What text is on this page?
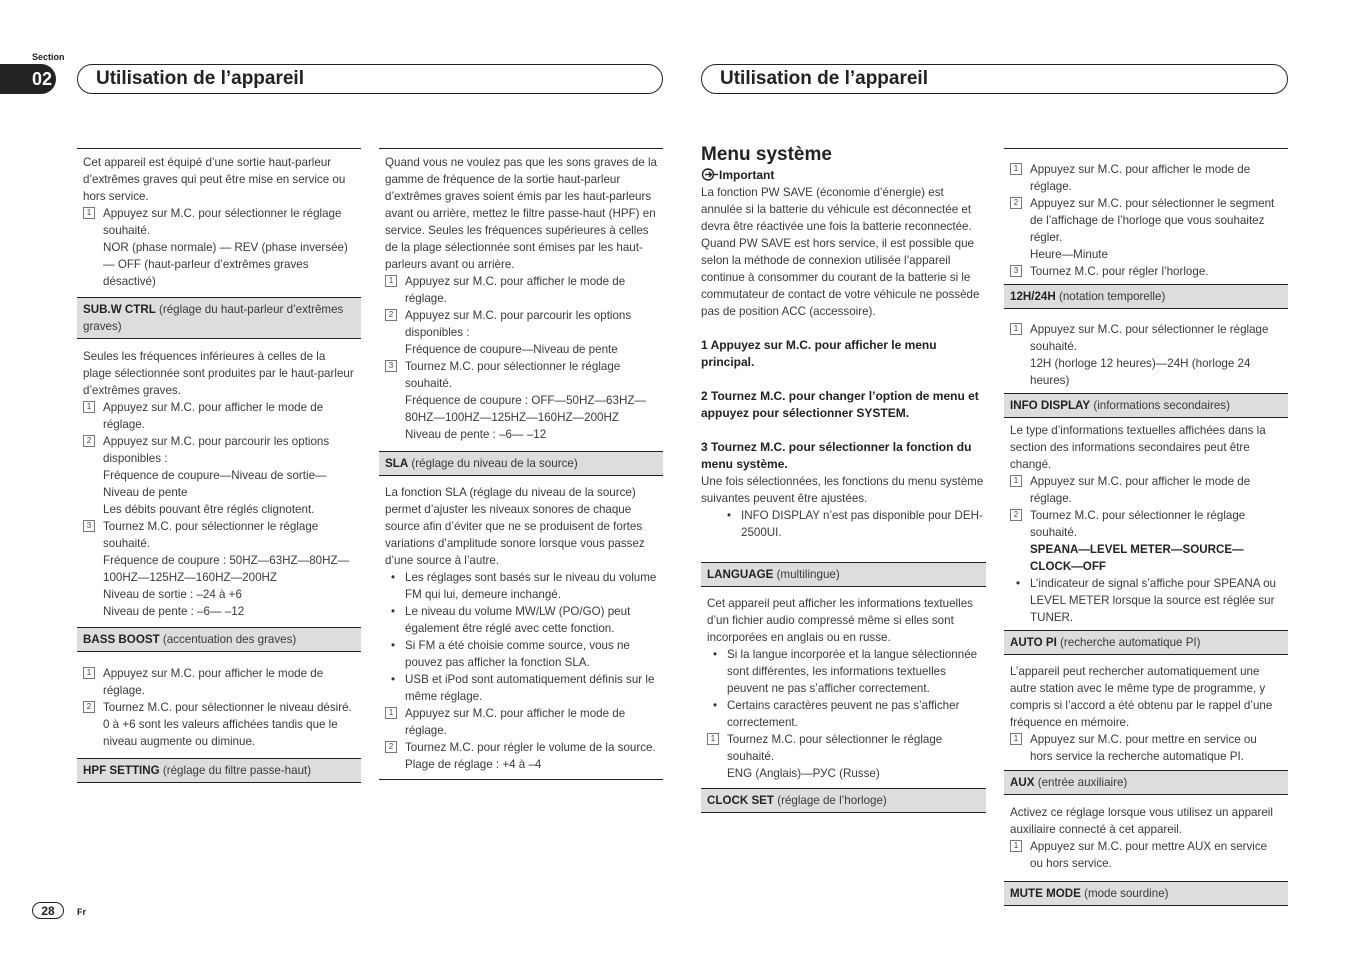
Section
02	Utilisation de l’appareil	Utilisation de l’appareil

Cet appareil est équipé d’une sortie haut-parleur d’extrêmes graves qui peut être mise en service ou hors service.

1	Appuyez sur M.C. pour sélectionner le réglage souhaité.
NOR (phase normale) — REV (phase inversée) — OFF (haut-parleur d’extrêmes graves désactivé)
SUB.W CTRL (réglage du haut-parleur d’extrêmes graves)

Seules les fréquences inférieures à celles de la plage sélectionnée sont produites par le haut-parleur d’extrêmes graves.

1	Appuyez sur M.C. pour afficher le mode de réglage.
2	Appuyez sur M.C. pour parcourir les options disponibles :
Fréquence de coupure—Niveau de sortie—Niveau de pente
Les débits pouvant être réglés clignotent.
3	Tournez M.C. pour sélectionner le réglage souhaité.
Fréquence de coupure : 50HZ—63HZ—80HZ—100HZ—125HZ—160HZ—200HZ
Niveau de sortie : –24 à +6
Niveau de pente : –6— –12
BASS BOOST (accentuation des graves)
1	Appuyez sur M.C. pour afficher le mode de réglage.
2	Tournez M.C. pour sélectionner le niveau désiré.
0 à +6 sont les valeurs affichées tandis que le niveau augmente ou diminue.
HPF SETTING (réglage du filtre passe-haut)

Quand vous ne voulez pas que les sons graves de la gamme de fréquence de la sortie haut-parleur d’extrêmes graves soient émis par les haut-parleurs avant ou arrière, mettez le filtre passe-haut (HPF) en service. Seules les fréquences supérieures à celles de la plage sélectionnée sont émises par les haut-parleurs avant ou arrière.

1	Appuyez sur M.C. pour afficher le mode de réglage.
2	Appuyez sur M.C. pour parcourir les options disponibles :
Fréquence de coupure—Niveau de pente
3	Tournez M.C. pour sélectionner le réglage souhaité.
Fréquence de coupure : OFF—50HZ—63HZ—80HZ—100HZ—125HZ—160HZ—200HZ
Niveau de pente : –6— –12
SLA (réglage du niveau de la source)

La fonction SLA (réglage du niveau de la source) permet d’ajuster les niveaux sonores de chaque source afin d’éviter que ne se produisent de fortes variations d’amplitude sonore lorsque vous passez d’une source à l’autre.

• Les réglages sont basés sur le niveau du volume FM qui lui, demeure inchangé.
• Le niveau du volume MW/LW (PO/GO) peut également être réglé avec cette fonction.
• Si FM a été choisie comme source, vous ne pouvez pas afficher la fonction SLA.
• USB et iPod sont automatiquement définis sur le même réglage.
1	Appuyez sur M.C. pour afficher le mode de réglage.
2	Tournez M.C. pour régler le volume de la source.
Plage de réglage : +4 à –4

Menu système

Important

La fonction PW SAVE (économie d’énergie) est annulée si la batterie du véhicule est déconnectée et devra être réactivée une fois la batterie reconnectée. Quand PW SAVE est hors service, il est possible que selon la méthode de connexion utilisée l’appareil continue à consommer du courant de la batterie si le commutateur de contact de votre véhicule ne possède pas de position ACC (accessoire).

1 Appuyez sur M.C. pour afficher le menu principal.

2 Tournez M.C. pour changer l’option de menu et appuyez pour sélectionner SYSTEM.

3 Tournez M.C. pour sélectionner la fonction du menu système.

Une fois sélectionnées, les fonctions du menu système suivantes peuvent être ajustées.

• INFO DISPLAY n’est pas disponible pour DEH-2500UI.
LANGUAGE (multilingue)

Cet appareil peut afficher les informations textuelles d’un fichier audio compressé même si elles sont incorporées en anglais ou en russe.

• Si la langue incorporée et la langue sélectionnée sont différentes, les informations textuelles peuvent ne pas s’afficher correctement.
• Certains caractères peuvent ne pas s’afficher correctement.
1	Tournez M.C. pour sélectionner le réglage souhaité.
ENG (Anglais)—РУС (Russe)
CLOCK SET (réglage de l’horloge)
1	Appuyez sur M.C. pour afficher le mode de réglage.
2	Appuyez sur M.C. pour sélectionner le segment de l’affichage de l’horloge que vous souhaitez régler.
Heure—Minute
3	Tournez M.C. pour régler l’horloge.
12H/24H (notation temporelle)
1	Appuyez sur M.C. pour sélectionner le réglage souhaité.
12H (horloge 12 heures)—24H (horloge 24 heures)
INFO DISPLAY (informations secondaires)

Le type d’informations textuelles affichées dans la section des informations secondaires peut être changé.

1	Appuyez sur M.C. pour afficher le mode de réglage.
2	Tournez M.C. pour sélectionner le réglage souhaité.
SPEANA—LEVEL METER—SOURCE—CLOCK—OFF
• L’indicateur de signal s’affiche pour SPEANA ou LEVEL METER lorsque la source est réglée sur TUNER.
AUTO PI (recherche automatique PI)

L’appareil peut rechercher automatiquement une autre station avec le même type de programme, y compris si l’accord a été obtenu par le rappel d’une fréquence en mémoire.

1	Appuyez sur M.C. pour mettre en service ou hors service la recherche automatique PI.
AUX (entrée auxiliaire)

Activez ce réglage lorsque vous utilisez un appareil auxiliaire connecté à cet appareil.

1	Appuyez sur M.C. pour mettre AUX en service ou hors service.
MUTE MODE (mode sourdine)
28	Fr
